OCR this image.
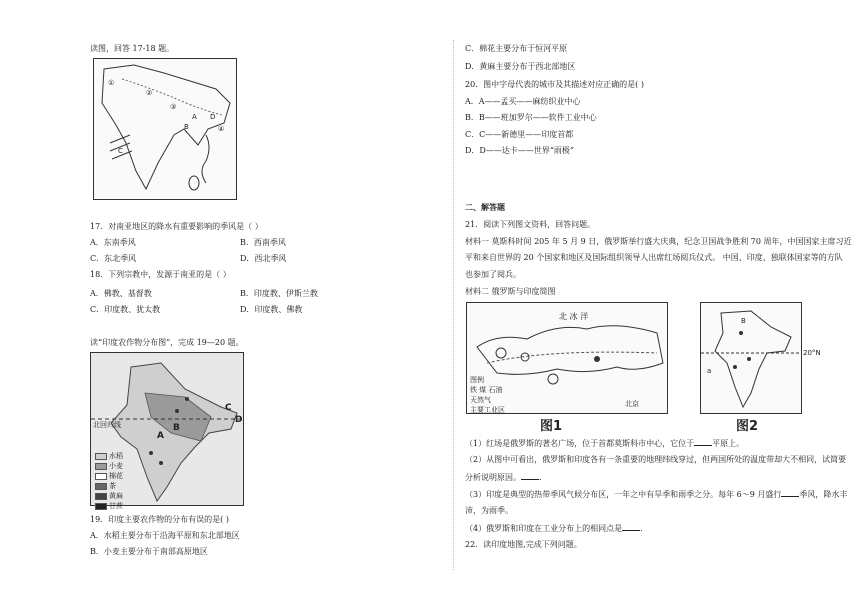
读图，回答 17-18 题。
①
②
③
④
A
B
C
D
17．对南亚地区的降水有重要影响的季风是（ ）
A．东南季风	B．西南季风
C．东北季风	D．西北季风
18．下列宗教中，发源于南亚的是（ ）
A．佛教、基督教	B．印度教、伊斯兰教
C．印度教、犹太教	D．印度教、佛教
读“印度农作物分布图”，完成 19—20 题。
北回归线
A
B
C
D
水稻
小麦
棉花
茶
黄麻
甘蔗
19．印度主要农作物的分布有误的是( )
A．水稻主要分布于沿海平原和东北部地区
B．小麦主要分布于南部高原地区
C．棉花主要分布于恒河平原
D．黄麻主要分布于西北部地区
20．图中字母代表的城市及其描述对应正确的是( )
A．A——孟买——麻纺织业中心
B．B——班加罗尔——软件工业中心
C．C——新德里——印度首都
D．D——达卡——世界“雨极”
二、解答题
21．阅读下列图文资料，回答问题。
材料一 莫斯科时间 205 年 5 月 9 日，俄罗斯举行盛大庆典，纪念卫国战争胜利 70 周年，中国国家主席习近
平和来自世界的 20 个国家和地区及国际组织领导人出席红场阅兵仪式。 中国、印度、独联体国家等的方队
也参加了阅兵。
材料二 俄罗斯与印度简图
北 冰 洋
北京
图例
铁 煤 石油
天然气
主要工业区
图1
B
a
20°N
图2
（1）红场是俄罗斯的著名广场，位于首都莫斯科市中心，它位于 平原上。
（2）从图中可看出，俄罗斯和印度各有一条重要的地理纬线穿过，但两国所处的温度带却大不相同，试简要
分析说明原因。 .
（3）印度是典型的热带季风气候分布区，一年之中有旱季和雨季之分。每年 6～9 月盛行 季风，降水丰
沛，为雨季。
（4）俄罗斯和印度在工业分布上的相同点是 .
22．读印度地图,完成下列问题。
